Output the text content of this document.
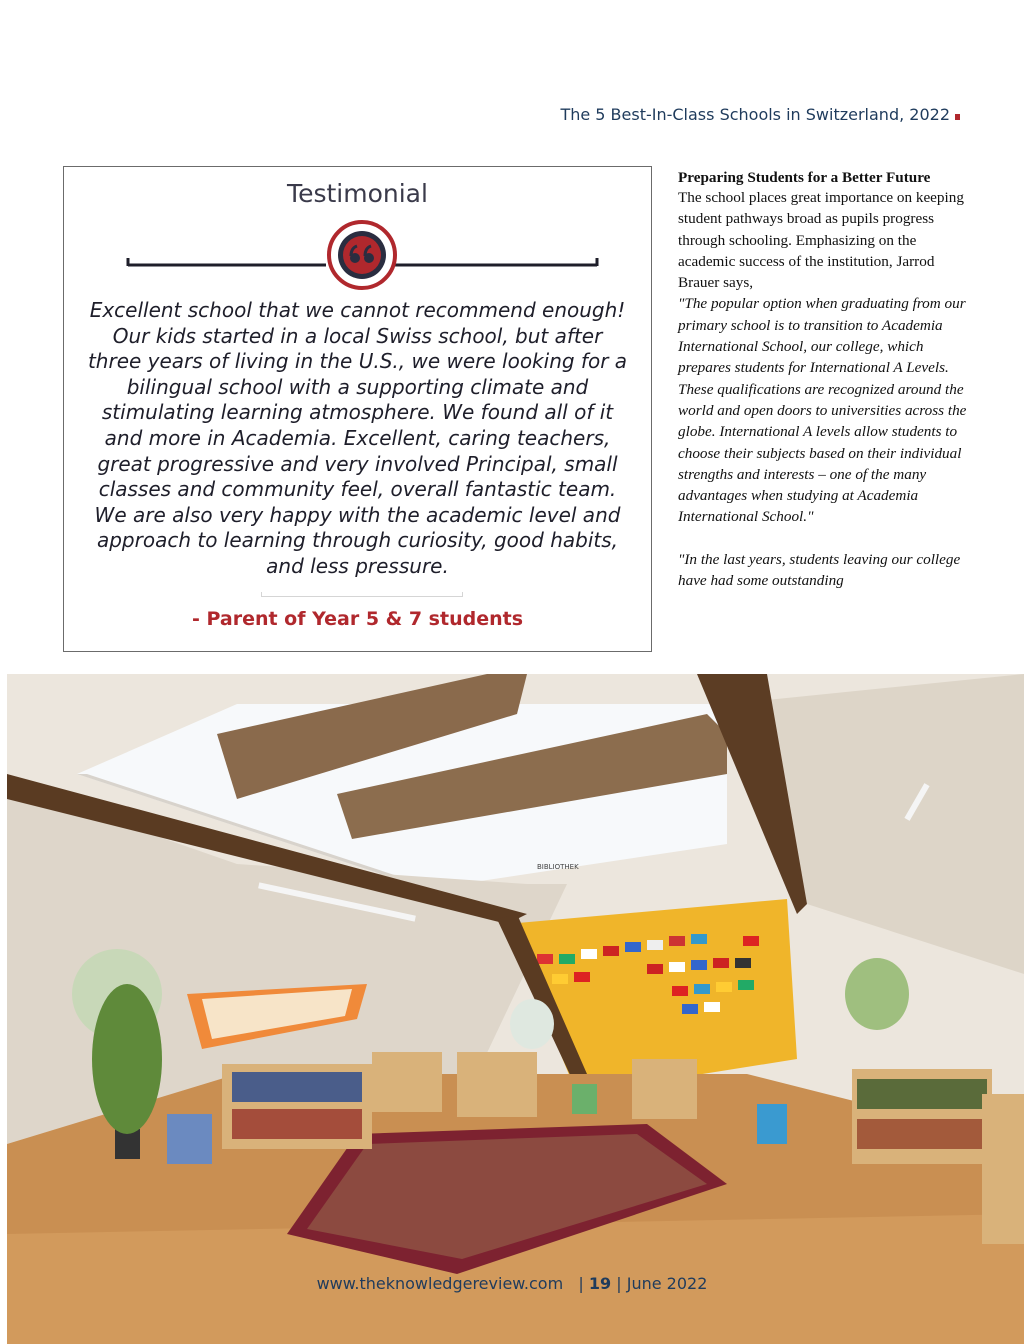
The 5 Best-In-Class Schools in Switzerland, 2022
Testimonial
Excellent school that we cannot recommend enough! Our kids started in a local Swiss school, but after three years of living in the U.S., we were looking for a bilingual school with a supporting climate and stimulating learning atmosphere. We found all of it and more in Academia. Excellent, caring teachers, great progressive and very involved Principal, small classes and community feel, overall fantastic team. We are also very happy with the academic level and approach to learning through curiosity, good habits, and less pressure.
- Parent of Year 5 & 7 students
Preparing Students for a Better Future

The school places great importance on keeping student pathways broad as pupils progress through schooling. Emphasizing on the academic success of the institution, Jarrod Brauer says,

"The popular option when graduating from our primary school is to transition to Academia International School, our college, which prepares students for International A Levels. These qualifications are recognized around the world and open doors to universities across the globe. International A levels allow students to choose their subjects based on their individual strengths and interests – one of the many advantages when studying at Academia International School."

"In the last years, students leaving our college have had some outstanding

BIBLIOTHEK
www.theknowledgereview.com   | 19 | June 2022
